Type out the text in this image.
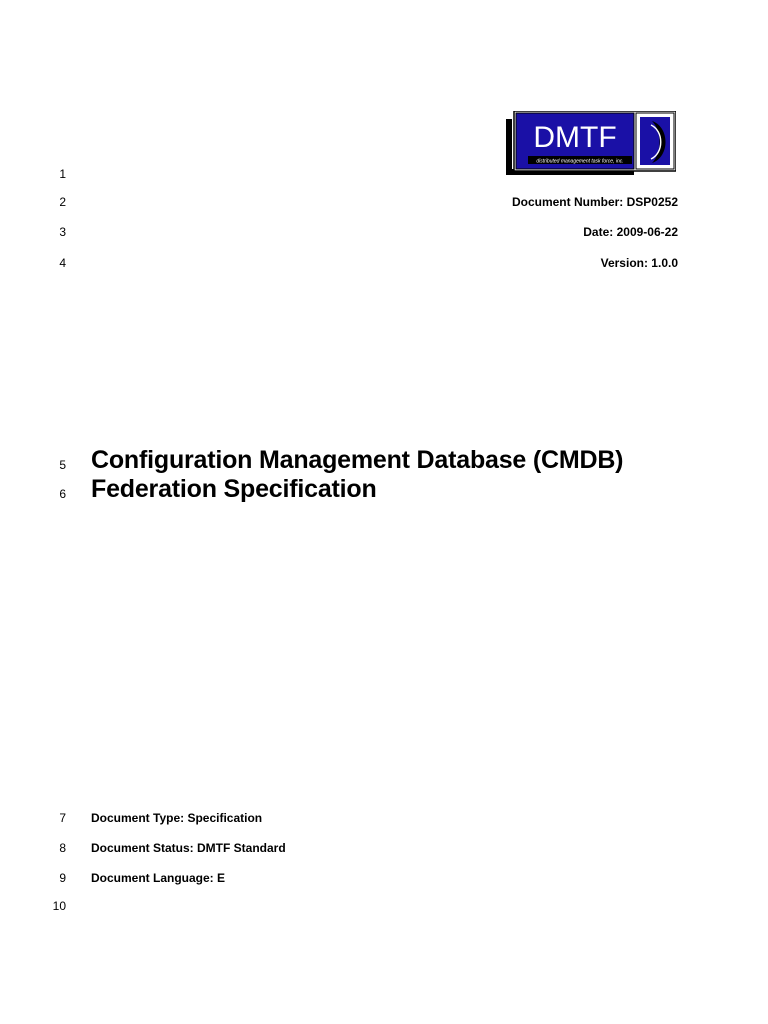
DMTF
distributed management task force, inc.
1
2
3
4
5
6
7
8
9
10
Document Number: DSP0252
Date: 2009-06-22
Version: 1.0.0
Configuration Management Database (CMDB)
Federation Specification
Document Type: Specification
Document Status: DMTF Standard
Document Language: E
